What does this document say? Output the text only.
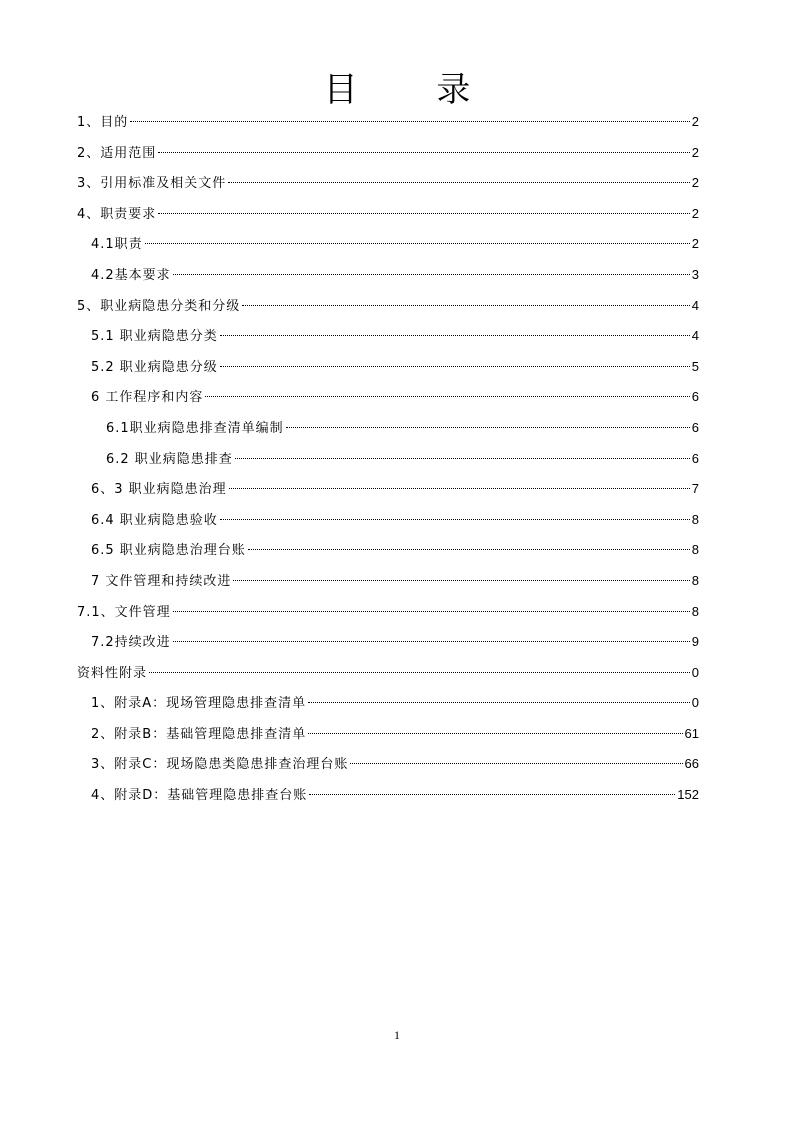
目 录
1、目的	2
2、适用范围	2
3、引用标准及相关文件	2
4、职责要求	2
4.1职责	2
4.2基本要求	3
5、职业病隐患分类和分级	4
5.1 职业病隐患分类	4
5.2 职业病隐患分级	5
6 工作程序和内容	6
6.1职业病隐患排查清单编制	6
6.2 职业病隐患排查	6
6、3 职业病隐患治理	7
6.4 职业病隐患验收	8
6.5 职业病隐患治理台账	8
7 文件管理和持续改进	8
7.1、文件管理	8
7.2持续改进	9
资料性附录	0
1、附录A：现场管理隐患排查清单	0
2、附录B：基础管理隐患排查清单	61
3、附录C：现场隐患类隐患排查治理台账	66
4、附录D：基础管理隐患排查台账	152
1
